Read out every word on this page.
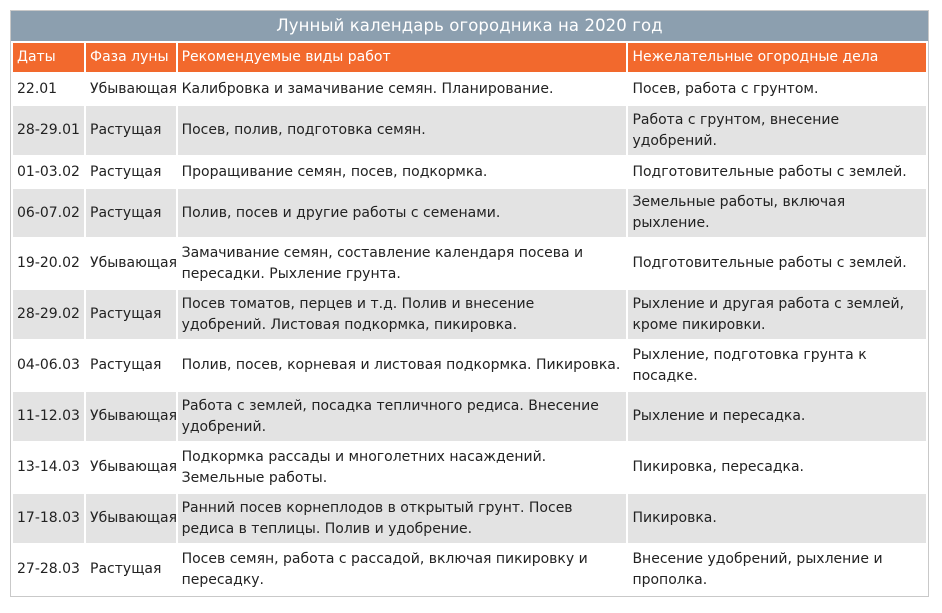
Лунный календарь огородника на 2020 год
Даты	Фаза луны	Рекомендуемые виды работ	Нежелательные огородные дела
22.01	Убывающая	Калибровка и замачивание семян. Планирование.	Посев, работа с грунтом.
28-29.01	Растущая	Посев, полив, подготовка семян.	Работа с грунтом, внесение удобрений.
01-03.02	Растущая	Проращивание семян, посев, подкормка.	Подготовительные работы с землей.
06-07.02	Растущая	Полив, посев и другие работы с семенами.	Земельные работы, включая рыхление.
19-20.02	Убывающая	Замачивание семян, составление календаря посева и пересадки. Рыхление грунта.	Подготовительные работы с землей.
28-29.02	Растущая	Посев томатов, перцев и т.д. Полив и внесение удобрений. Листовая подкормка, пикировка.	Рыхление и другая работа с землей, кроме пикировки.
04-06.03	Растущая	Полив, посев, корневая и листовая подкормка. Пикировка.	Рыхление, подготовка грунта к посадке.
11-12.03	Убывающая	Работа с землей, посадка тепличного редиса. Внесение удобрений.	Рыхление и пересадка.
13-14.03	Убывающая	Подкормка рассады и многолетних насаждений. Земельные работы.	Пикировка, пересадка.
17-18.03	Убывающая	Ранний посев корнеплодов в открытый грунт. Посев редиса в теплицы. Полив и удобрение.	Пикировка.
27-28.03	Растущая	Посев семян, работа с рассадой, включая пикировку и пересадку.	Внесение удобрений, рыхление и прополка.
